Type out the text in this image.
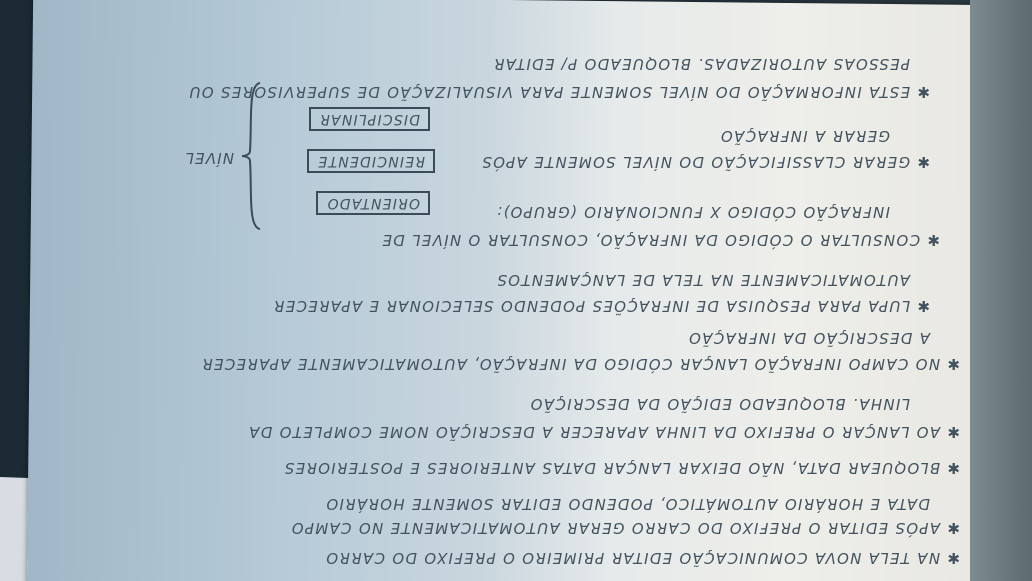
✱ NA TELA NOVA COMUNICAÇÃO EDITAR PRIMEIRO O PREFIXO DO CARRO
✱ APÓS EDITAR O PREFIXO DO CARRO GERAR AUTOMATICAMENTE NO CAMPO
DATA E HORÁRIO AUTOMÁTICO, PODENDO EDITAR SOMENTE HORÁRIO
✱ BLOQUEAR DATA, NÃO DEIXAR LANÇAR DATAS ANTERIORES E POSTERIORES
✱ AO LANÇAR O PREFIXO DA LINHA APARECER A DESCRIÇÃO NOME COMPLETO DA
LINHA. BLOQUEADO EDIÇÃO DA DESCRIÇÃO
✱ NO CAMPO INFRAÇÃO LANÇAR CÓDIGO DA INFRAÇÃO, AUTOMATICAMENTE APARECER
A DESCRIÇÃO DA INFRAÇÃO
✱ LUPA PARA PESQUISA DE INFRAÇÕES PODENDO SELECIONAR E APARECER
AUTOMATICAMENTE NA TELA DE LANÇAMENTOS
✱ CONSULTAR O CÓDIGO DA INFRAÇÃO, CONSULTAR O NÍVEL DE
INFRAÇÃO CÓDIGO X FUNCIONÁRIO (GRUPO):
✱ GERAR CLASSIFICAÇÃO DO NÍVEL SOMENTE APÓS
GERAR A INFRAÇÃO
✱ ESTA INFORMAÇÃO DO NÍVEL SOMENTE PARA VISUALIZAÇÃO DE SUPERVISORES OU
PESSOAS AUTORIZADAS. BLOQUEADO P/ EDITAR
ORIENTADO
REINCIDENTE
DISCIPLINAR
NÍVEL
